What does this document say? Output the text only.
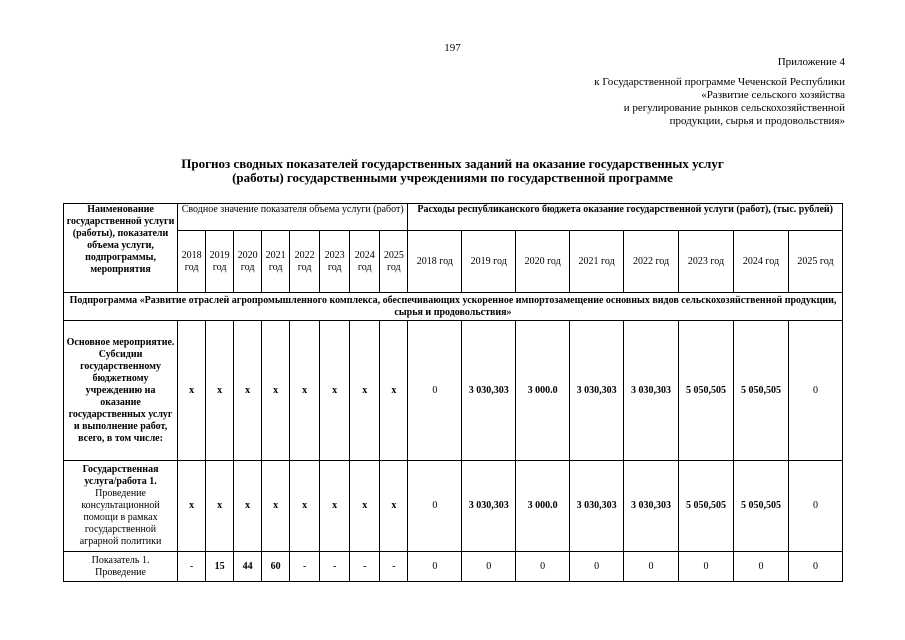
197
Приложение 4
к Государственной программе Чеченской Республики
«Развитие сельского хозяйства
и регулирование рынков сельскохозяйственной
продукции, сырья и продовольствия»
Прогноз сводных показателей государственных заданий на оказание государственных услуг
(работы) государственными учреждениями по государственной программе
Наименование государственной услуги (работы), показатели объема услуги, подпрограммы, мероприятия	Сводное значение показателя объема услуги (работ)								Расходы республиканского бюджета оказание государственной услуги (работ), (тыс. рублей)							
	2018 год	2019 год	2020 год	2021 год	2022 год	2023 год	2024 год	2025 год	2018 год	2019 год	2020 год	2021 год	2022 год	2023 год	2024 год	2025 год
Подпрограмма «Развитие отраслей агропромышленного комплекса, обеспечивающих ускоренное импортозамещение основных видов сельскохозяйственной продукции, сырья и продовольствия»																
Основное мероприятие. Субсидии государственному бюджетному учреждению на оказание государственных услуг и выполнение работ, всего, в том числе:	х	х	х	х	х	х	х	х	0	3 030,303	3 000.0	3 030,303	3 030,303	5 050,505	5 050,505	0
Государственная услуга/работа 1. Проведение консультационной помощи в рамках государственной аграрной политики	х	х	х	х	х	х	х	х	0	3 030,303	3 000.0	3 030,303	3 030,303	5 050,505	5 050,505	0
Показатель 1. Проведение	-	15	44	60	-	-	-	-	0	0	0	0	0	0	0	0
